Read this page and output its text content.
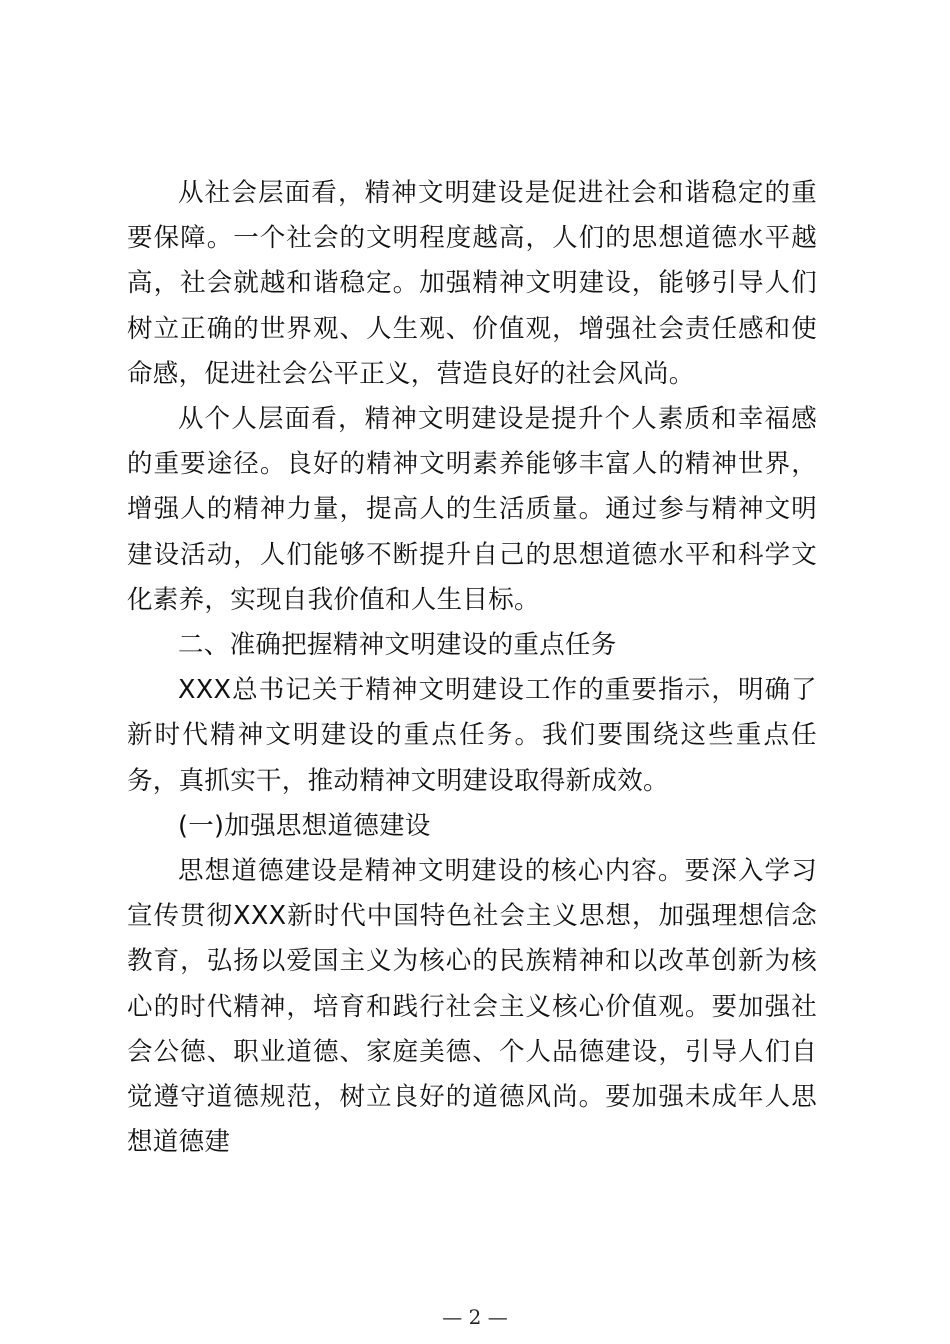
从社会层面看，精神文明建设是促进社会和谐稳定的重要保障。一个社会的文明程度越高，人们的思想道德水平越高，社会就越和谐稳定。加强精神文明建设，能够引导人们树立正确的世界观、人生观、价值观，增强社会责任感和使命感，促进社会公平正义，营造良好的社会风尚。

从个人层面看，精神文明建设是提升个人素质和幸福感的重要途径。良好的精神文明素养能够丰富人的精神世界，增强人的精神力量，提高人的生活质量。通过参与精神文明建设活动，人们能够不断提升自己的思想道德水平和科学文化素养，实现自我价值和人生目标。

二、准确把握精神文明建设的重点任务

XXX总书记关于精神文明建设工作的重要指示，明确了新时代精神文明建设的重点任务。我们要围绕这些重点任务，真抓实干，推动精神文明建设取得新成效。

(一)加强思想道德建设

思想道德建设是精神文明建设的核心内容。要深入学习宣传贯彻XXX新时代中国特色社会主义思想，加强理想信念教育，弘扬以爱国主义为核心的民族精神和以改革创新为核心的时代精神，培育和践行社会主义核心价值观。要加强社会公德、职业道德、家庭美德、个人品德建设，引导人们自觉遵守道德规范，树立良好的道德风尚。要加强未成年人思想道德建

— 2 —
